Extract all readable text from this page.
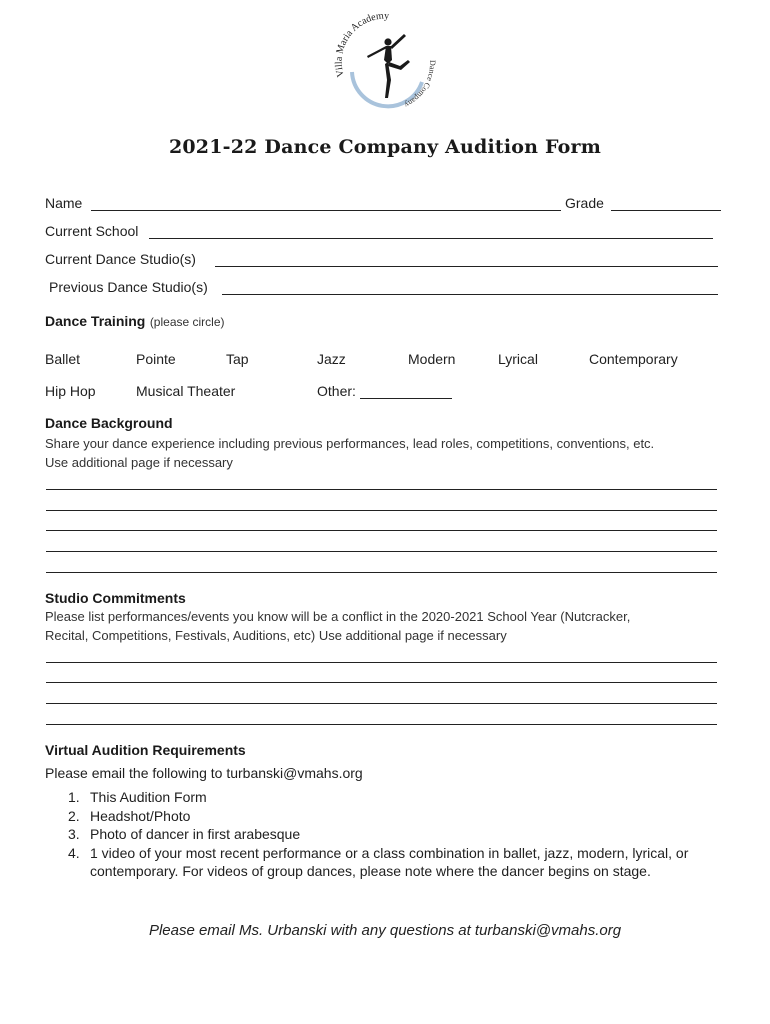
Villa Maria Academy
Dance Company
2021-22 Dance Company Audition Form
Name	Grade
Current School
Current Dance Studio(s)
Previous Dance Studio(s)
Dance Training (please circle)
Ballet	Pointe	Tap	Jazz	Modern	Lyrical	Contemporary
Hip Hop	Musical Theater	Other:
Dance Background
Share your dance experience including previous performances, lead roles, competitions, conventions, etc.
Use additional page if necessary
Studio Commitments
Please list performances/events you know will be a conflict in the 2020-2021 School Year (Nutcracker,
Recital, Competitions, Festivals, Auditions, etc) Use additional page if necessary
Virtual Audition Requirements
Please email the following to turbanski@vmahs.org
1. This Audition Form
2. Headshot/Photo
3. Photo of dancer in first arabesque
4. 1 video of your most recent performance or a class combination in ballet, jazz, modern, lyrical, or contemporary. For videos of group dances, please note where the dancer begins on stage.
Please email Ms. Urbanski with any questions at turbanski@vmahs.org
